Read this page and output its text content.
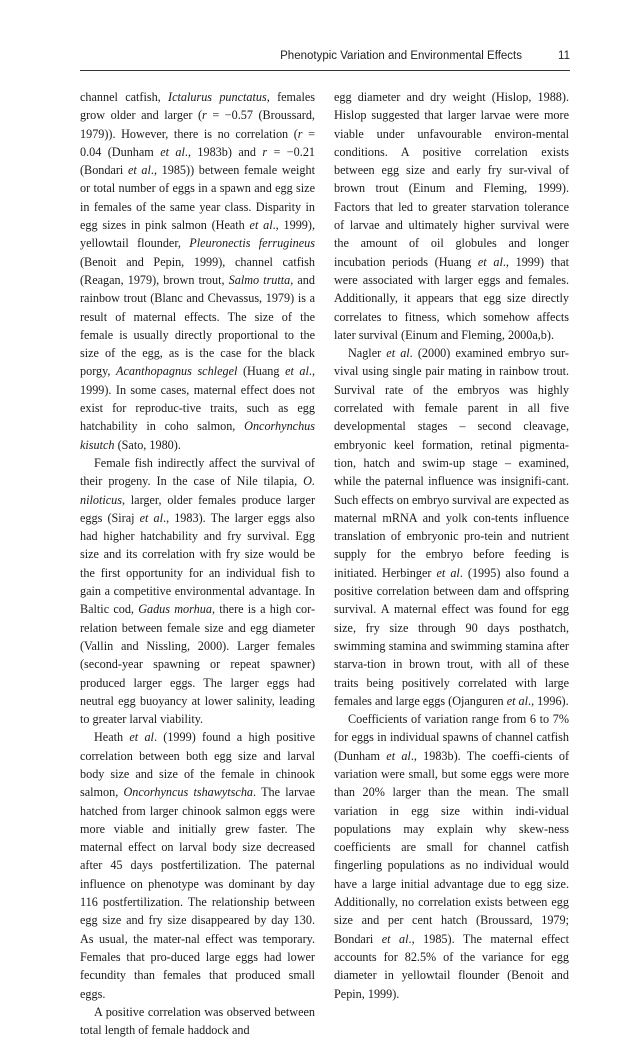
Phenotypic Variation and Environmental Effects	11

channel catfish, Ictalurus punctatus, females grow older and larger (r = −0.57 (Broussard, 1979)). However, there is no correlation (r = 0.04 (Dunham et al., 1983b) and r = −0.21 (Bondari et al., 1985)) between female weight or total number of eggs in a spawn and egg size in females of the same year class. Disparity in egg sizes in pink salmon (Heath et al., 1999), yellowtail flounder, Pleuronectis ferrugineus (Benoit and Pepin, 1999), channel catfish (Reagan, 1979), brown trout, Salmo trutta, and rainbow trout (Blanc and Chevassus, 1979) is a result of maternal effects. The size of the female is usually directly proportional to the size of the egg, as is the case for the black porgy, Acanthopagnus schlegel (Huang et al., 1999). In some cases, maternal effect does not exist for reproduc-tive traits, such as egg hatchability in coho salmon, Oncorhynchus kisutch (Sato, 1980).

Female fish indirectly affect the survival of their progeny. In the case of Nile tilapia, O. niloticus, larger, older females produce larger eggs (Siraj et al., 1983). The larger eggs also had higher hatchability and fry survival. Egg size and its correlation with fry size would be the first opportunity for an individual fish to gain a competitive environmental advantage. In Baltic cod, Gadus morhua, there is a high cor-relation between female size and egg diameter (Vallin and Nissling, 2000). Larger females (second-year spawning or repeat spawner) produced larger eggs. The larger eggs had neutral egg buoyancy at lower salinity, leading to greater larval viability.

Heath et al. (1999) found a high positive correlation between both egg size and larval body size and size of the female in chinook salmon, Oncorhyncus tshawytscha. The larvae hatched from larger chinook salmon eggs were more viable and initially grew faster. The maternal effect on larval body size decreased after 45 days postfertilization. The paternal influence on phenotype was dominant by day 116 postfertilization. The relationship between egg size and fry size disappeared by day 130. As usual, the mater-nal effect was temporary. Females that pro-duced large eggs had lower fecundity than females that produced small eggs.

A positive correlation was observed between total length of female haddock and

egg diameter and dry weight (Hislop, 1988). Hislop suggested that larger larvae were more viable under unfavourable environ-mental conditions. A positive correlation exists between egg size and early fry sur-vival of brown trout (Einum and Fleming, 1999). Factors that led to greater starvation tolerance of larvae and ultimately higher survival were the amount of oil globules and longer incubation periods (Huang et al., 1999) that were associated with larger eggs and females. Additionally, it appears that egg size directly correlates to fitness, which somehow affects later survival (Einum and Fleming, 2000a,b).

Nagler et al. (2000) examined embryo sur-vival using single pair mating in rainbow trout. Survival rate of the embryos was highly correlated with female parent in all five developmental stages – second cleavage, embryonic keel formation, retinal pigmenta-tion, hatch and swim-up stage – examined, while the paternal influence was insignifi-cant. Such effects on embryo survival are expected as maternal mRNA and yolk con-tents influence translation of embryonic pro-tein and nutrient supply for the embryo before feeding is initiated. Herbinger et al. (1995) also found a positive correlation between dam and offspring survival. A maternal effect was found for egg size, fry size through 90 days posthatch, swimming stamina and swimming stamina after starva-tion in brown trout, with all of these traits being positively correlated with large females and large eggs (Ojanguren et al., 1996).

Coefficients of variation range from 6 to 7% for eggs in individual spawns of channel catfish (Dunham et al., 1983b). The coeffi-cients of variation were small, but some eggs were more than 20% larger than the mean. The small variation in egg size within indi-vidual populations may explain why skew-ness coefficients are small for channel catfish fingerling populations as no individual would have a large initial advantage due to egg size. Additionally, no correlation exists between egg size and per cent hatch (Broussard, 1979; Bondari et al., 1985). The maternal effect accounts for 82.5% of the variance for egg diameter in yellowtail flounder (Benoit and Pepin, 1999).
